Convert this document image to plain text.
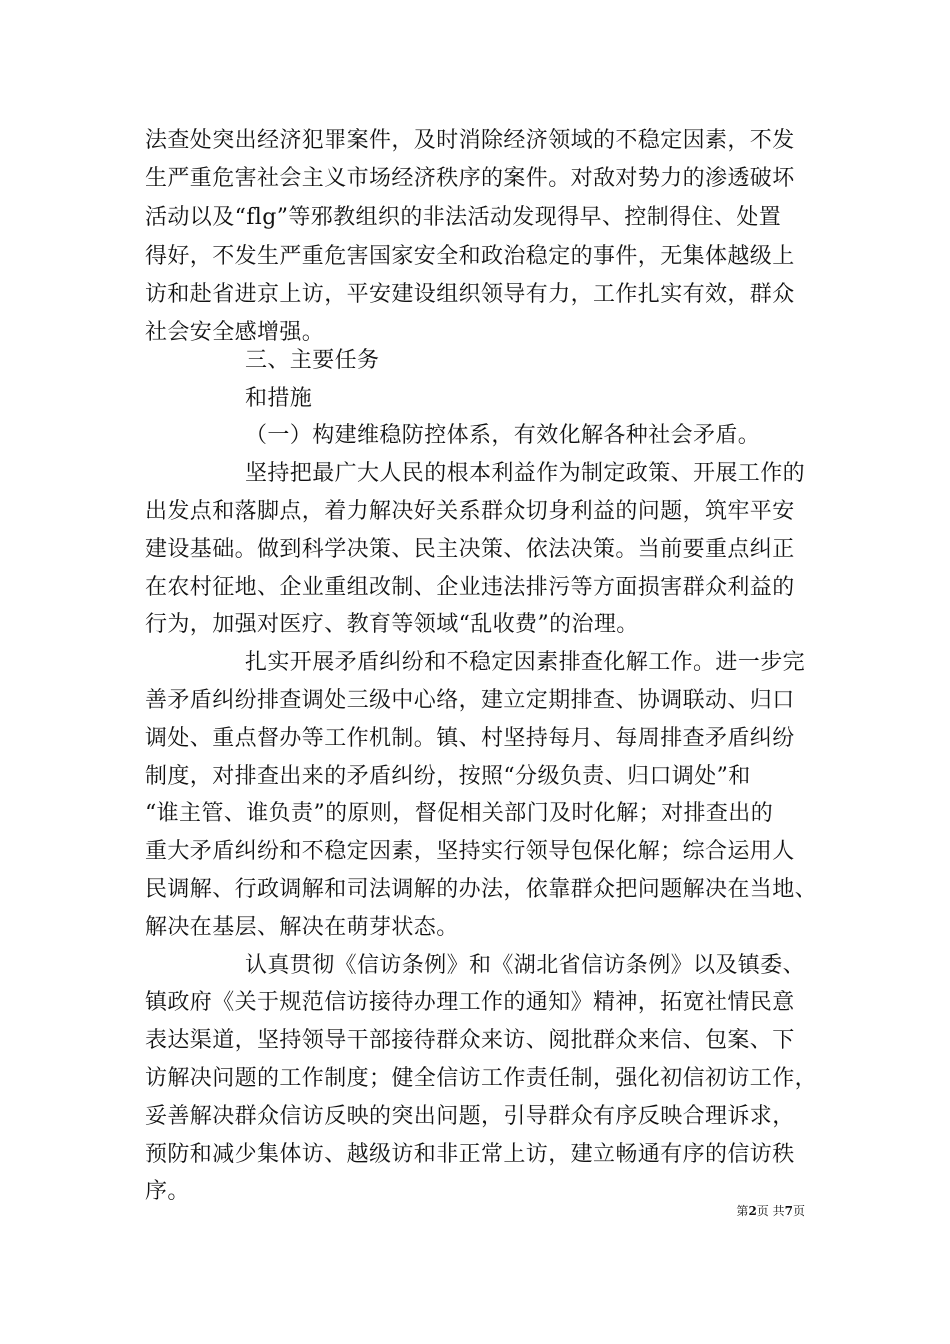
法查处突出经济犯罪案件，及时消除经济领域的不稳定因素，不发
生严重危害社会主义市场经济秩序的案件。对敌对势力的渗透破坏
活动以及“flg”等邪教组织的非法活动发现得早、控制得住、处置
得好，不发生严重危害国家安全和政治稳定的事件，无集体越级上
访和赴省进京上访，平安建设组织领导有力，工作扎实有效，群众
社会安全感增强。
三、主要任务
和措施
（一）构建维稳防控体系，有效化解各种社会矛盾。
坚持把最广大人民的根本利益作为制定政策、开展工作的
出发点和落脚点，着力解决好关系群众切身利益的问题，筑牢平安
建设基础。做到科学决策、民主决策、依法决策。当前要重点纠正
在农村征地、企业重组改制、企业违法排污等方面损害群众利益的
行为，加强对医疗、教育等领域“乱收费”的治理。
扎实开展矛盾纠纷和不稳定因素排查化解工作。进一步完
善矛盾纠纷排查调处三级中心络，建立定期排查、协调联动、归口
调处、重点督办等工作机制。镇、村坚持每月、每周排查矛盾纠纷
制度，对排查出来的矛盾纠纷，按照“分级负责、归口调处”和
“谁主管、谁负责”的原则，督促相关部门及时化解；对排查出的
重大矛盾纠纷和不稳定因素，坚持实行领导包保化解；综合运用人
民调解、行政调解和司法调解的办法，依靠群众把问题解决在当地、
解决在基层、解决在萌芽状态。
认真贯彻《信访条例》和《湖北省信访条例》以及镇委、
镇政府《关于规范信访接待办理工作的通知》精神，拓宽社情民意
表达渠道，坚持领导干部接待群众来访、阅批群众来信、包案、下
访解决问题的工作制度；健全信访工作责任制，强化初信初访工作，
妥善解决群众信访反映的突出问题，引导群众有序反映合理诉求，
预防和减少集体访、越级访和非正常上访，建立畅通有序的信访秩
序。
第2页 共7页
